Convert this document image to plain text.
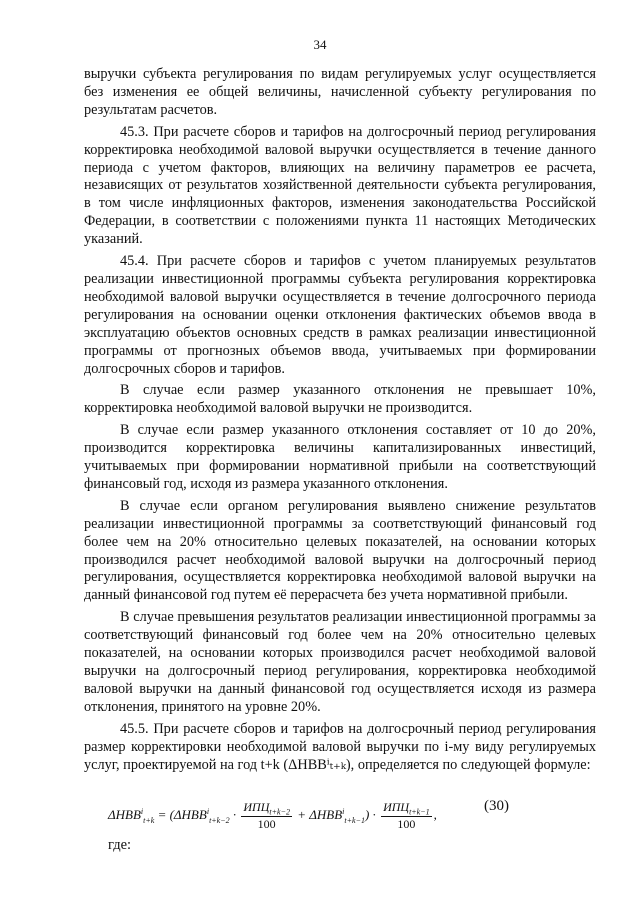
34

выручки субъекта регулирования по видам регулируемых услуг осуществляется без изменения ее общей величины, начисленной субъекту регулирования по результатам расчетов.

45.3. При расчете сборов и тарифов на долгосрочный период регулирования корректировка необходимой валовой выручки осуществляется в течение данного периода с учетом факторов, влияющих на величину параметров ее расчета, независящих от результатов хозяйственной деятельности субъекта регулирования, в том числе инфляционных факторов, изменения законодательства Российской Федерации, в соответствии с положениями пункта 11 настоящих Методических указаний.

45.4. При расчете сборов и тарифов с учетом планируемых результатов реализации инвестиционной программы субъекта регулирования корректировка необходимой валовой выручки осуществляется в течение долгосрочного периода регулирования на основании оценки отклонения фактических объемов ввода в эксплуатацию объектов основных средств в рамках реализации инвестиционной программы от прогнозных объемов ввода, учитываемых при формировании долгосрочных сборов и тарифов.

В случае если размер указанного отклонения не превышает 10%, корректировка необходимой валовой выручки не производится.

В случае если размер указанного отклонения составляет от 10 до 20%, производится корректировка величины капитализированных инвестиций, учитываемых при формировании нормативной прибыли на соответствующий финансовый год, исходя из размера указанного отклонения.

В случае если органом регулирования выявлено снижение результатов реализации инвестиционной программы за соответствующий финансовый год более чем на 20% относительно целевых показателей, на основании которых производился расчет необходимой валовой выручки на долгосрочный период регулирования, осуществляется корректировка необходимой валовой выручки на данный финансовой год путем её перерасчета без учета нормативной прибыли.

В случае превышения результатов реализации инвестиционной программы за соответствующий финансовый год более чем на 20% относительно целевых показателей, на основании которых производился расчет необходимой валовой выручки на долгосрочный период регулирования, корректировка необходимой валовой выручки на данный финансовой год осуществляется исходя из размера отклонения, принятого на уровне 20%.

45.5. При расчете сборов и тарифов на долгосрочный период регулирования размер корректировки необходимой валовой выручки по i-му виду регулируемых услуг, проектируемой на год t+k (ΔHBBⁱₜ₊ₖ), определяется по следующей формуле:

$\Delta HBB^i_{t+k} = (\Delta HBB^i_{t+k-2} \cdot \frac{ИПЦ_{t+k-2}}{100} + \Delta HBB^i_{t+k-1}) \cdot \frac{ИПЦ_{t+k-1}}{100}$ ,
(30)
где:
